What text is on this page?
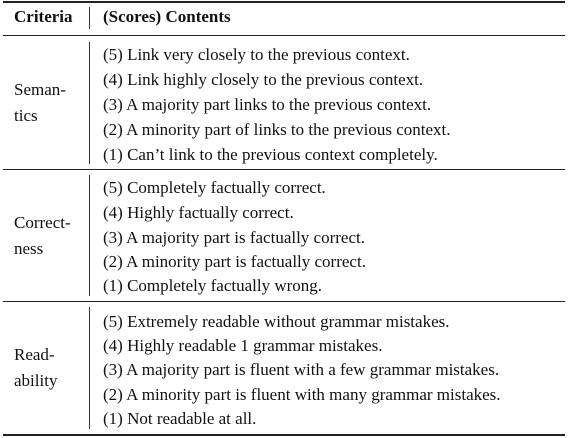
Criteria (Scores) Contents
Seman-
tics
(5) Link very closely to the previous context.
(4) Link highly closely to the previous context.
(3) A majority part links to the previous context.
(2) A minority part of links to the previous context.
(1) Can’t link to the previous context completely.
Correct-
ness
(5) Completely factually correct.
(4) Highly factually correct.
(3) A majority part is factually correct.
(2) A minority part is factually correct.
(1) Completely factually wrong.
Read-
ability
(5) Extremely readable without grammar mistakes.
(4) Highly readable 1 grammar mistakes.
(3) A majority part is fluent with a few grammar mistakes.
(2) A minority part is fluent with many grammar mistakes.
(1) Not readable at all.
